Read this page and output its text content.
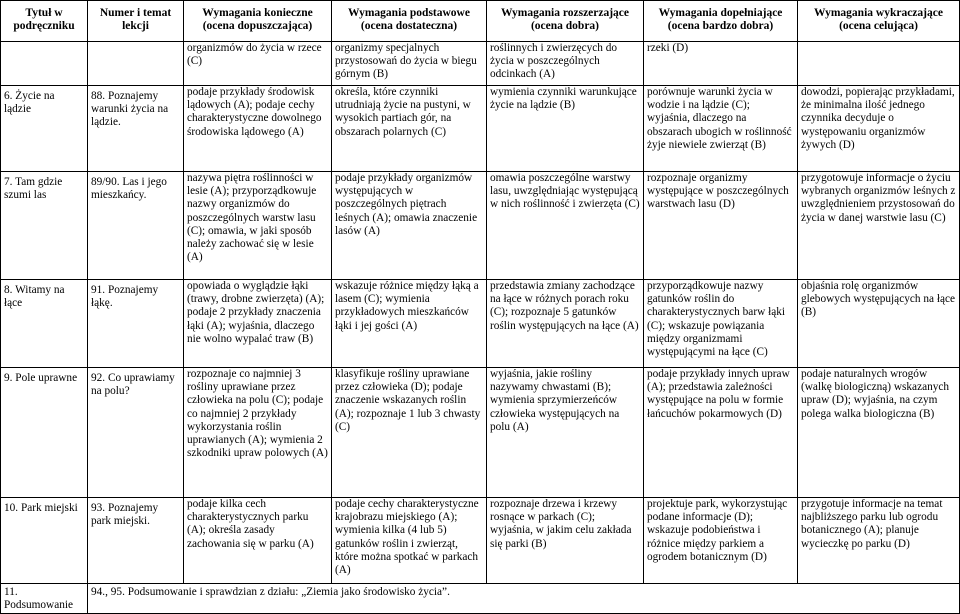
Tytuł w podręczniku	Numer i temat lekcji	Wymagania konieczne (ocena dopuszczająca)	Wymagania podstawowe (ocena dostateczna)	Wymagania rozszerzające (ocena dobra)	Wymagania dopełniające (ocena bardzo dobra)	Wymagania wykraczające (ocena celująca)
		organizmów do życia w rzece (C)	organizmy specjalnych przystosowań do życia w biegu górnym (B)	roślinnych i zwierzęcych do życia w poszczególnych odcinkach (A)	rzeki (D)	
6. Życie na lądzie	88. Poznajemy warunki życia na lądzie.	podaje przykłady środowisk lądowych (A); podaje cechy charakterystyczne dowolnego środowiska lądowego (A)	określa, które czynniki utrudniają życie na pustyni, w wysokich partiach gór, na obszarach polarnych (C)	wymienia czynniki warunkujące życie na lądzie (B)	porównuje warunki życia w wodzie i na lądzie (C); wyjaśnia, dlaczego na obszarach ubogich w roślinność żyje niewiele zwierząt (B)	dowodzi, popierając przykładami, że minimalna ilość jednego czynnika decyduje o występowaniu organizmów żywych (D)
7. Tam gdzie szumi las	89/90. Las i jego mieszkańcy.	nazywa piętra roślinności w lesie (A); przyporządkowuje nazwy organizmów do poszczególnych warstw lasu (C); omawia, w jaki sposób należy zachować się w lesie (A)	podaje przykłady organizmów występujących w poszczególnych piętrach leśnych (A); omawia znaczenie lasów (A)	omawia poszczególne warstwy lasu, uwzględniając występującą w nich roślinność i zwierzęta (C)	rozpoznaje organizmy występujące w poszczególnych warstwach lasu (D)	przygotowuje informacje o życiu wybranych organizmów leśnych z uwzględnieniem przystosowań do życia w danej warstwie lasu (C)
8. Witamy na łące	91. Poznajemy łąkę.	opowiada o wyglądzie łąki (trawy, drobne zwierzęta) (A); podaje 2 przykłady znaczenia łąki (A); wyjaśnia, dlaczego nie wolno wypalać traw (B)	wskazuje różnice między łąką a lasem (C); wymienia przykładowych mieszkańców łąki i jej gości (A)	przedstawia zmiany zachodzące na łące w różnych porach roku (C); rozpoznaje 5 gatunków roślin występujących na łące (A)	przyporządkowuje nazwy gatunków roślin do charakterystycznych barw łąki (C); wskazuje powiązania między organizmami występującymi na łące (C)	objaśnia rolę organizmów glebowych występujących na łące (B)
9. Pole uprawne	92. Co uprawiamy na polu?	rozpoznaje co najmniej 3 rośliny uprawiane przez człowieka na polu (C); podaje co najmniej 2 przykłady wykorzystania roślin uprawianych (A); wymienia 2 szkodniki upraw polowych (A)	klasyfikuje rośliny uprawiane przez człowieka (D); podaje znaczenie wskazanych roślin (A); rozpoznaje 1 lub 3 chwasty (C)	wyjaśnia, jakie rośliny nazywamy chwastami (B); wymienia sprzymierzeńców człowieka występujących na polu (A)	podaje przykłady innych upraw (A); przedstawia zależności występujące na polu w formie łańcuchów pokarmowych (D)	podaje naturalnych wrogów (walkę biologiczną) wskazanych upraw (D); wyjaśnia, na czym polega walka biologiczna (B)
10. Park miejski	93. Poznajemy park miejski.	podaje kilka cech charakterystycznych parku (A); określa zasady zachowania się w parku (A)	podaje cechy charakterystyczne krajobrazu miejskiego (A); wymienia kilka (4 lub 5) gatunków roślin i zwierząt, które można spotkać w parkach (A)	rozpoznaje drzewa i krzewy rosnące w parkach (C); wyjaśnia, w jakim celu zakłada się parki (B)	projektuje park, wykorzystując podane informacje (D); wskazuje podobieństwa i różnice między parkiem a ogrodem botanicznym (D)	przygotuje informacje na temat najbliższego parku lub ogrodu botanicznego (A); planuje wycieczkę po parku (D)
11. Podsumowanie	94., 95. Podsumowanie i sprawdzian z działu: „Ziemia jako środowisko życia”.					
